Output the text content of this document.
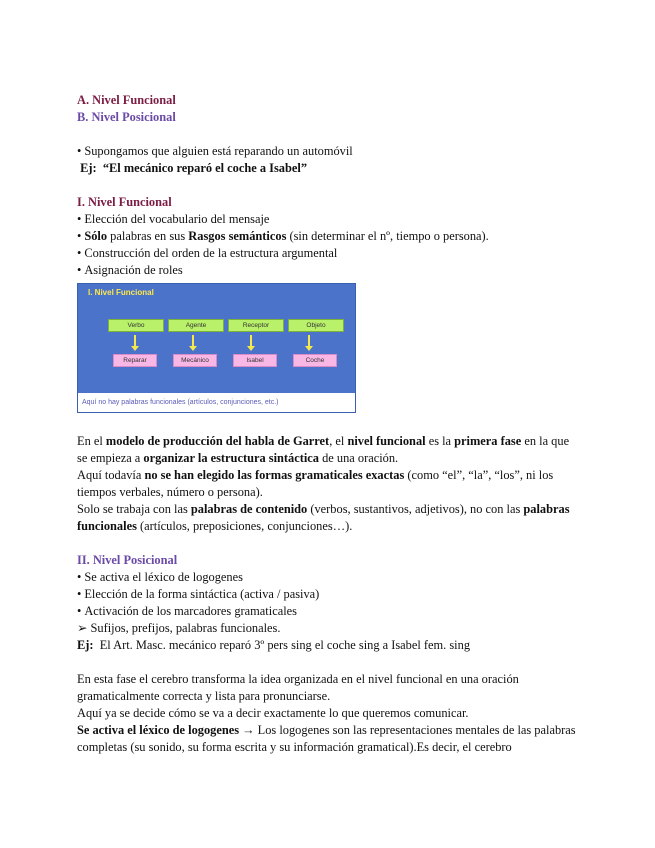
A. Nivel Funcional
B. Nivel Posicional
• Supongamos que alguien está reparando un automóvil
Ej: “El mecánico reparó el coche a Isabel”
I. Nivel Funcional
• Elección del vocabulario del mensaje
• Sólo palabras en sus Rasgos semánticos (sin determinar el nº, tiempo o persona).
• Construcción del orden de la estructura argumental
• Asignación de roles
En el modelo de producción del habla de Garret, el nivel funcional es la primera fase en la que se empieza a organizar la estructura sintáctica de una oración.
Aquí todavía no se han elegido las formas gramaticales exactas (como “el”, “la”, “los”, ni los tiempos verbales, número o persona).
Solo se trabaja con las palabras de contenido (verbos, sustantivos, adjetivos), no con las palabras funcionales (artículos, preposiciones, conjunciones…).
II. Nivel Posicional
• Se activa el léxico de logogenes
• Elección de la forma sintáctica (activa / pasiva)
• Activación de los marcadores gramaticales
➢ Sufijos, prefijos, palabras funcionales.
Ej: El Art. Masc. mecánico reparó 3º pers sing el coche sing a Isabel fem. sing
En esta fase el cerebro transforma la idea organizada en el nivel funcional en una oración gramaticalmente correcta y lista para pronunciarse.
Aquí ya se decide cómo se va a decir exactamente lo que queremos comunicar.
Se activa el léxico de logogenes → Los logogenes son las representaciones mentales de las palabras completas (su sonido, su forma escrita y su información gramatical).Es decir, el cerebro
I. Nivel Funcional
Verbo	Agente	Receptor	Objeto
Reparar	Mecánico	Isabel	Coche
Aquí no hay palabras funcionales (artículos, conjunciones, etc.)
